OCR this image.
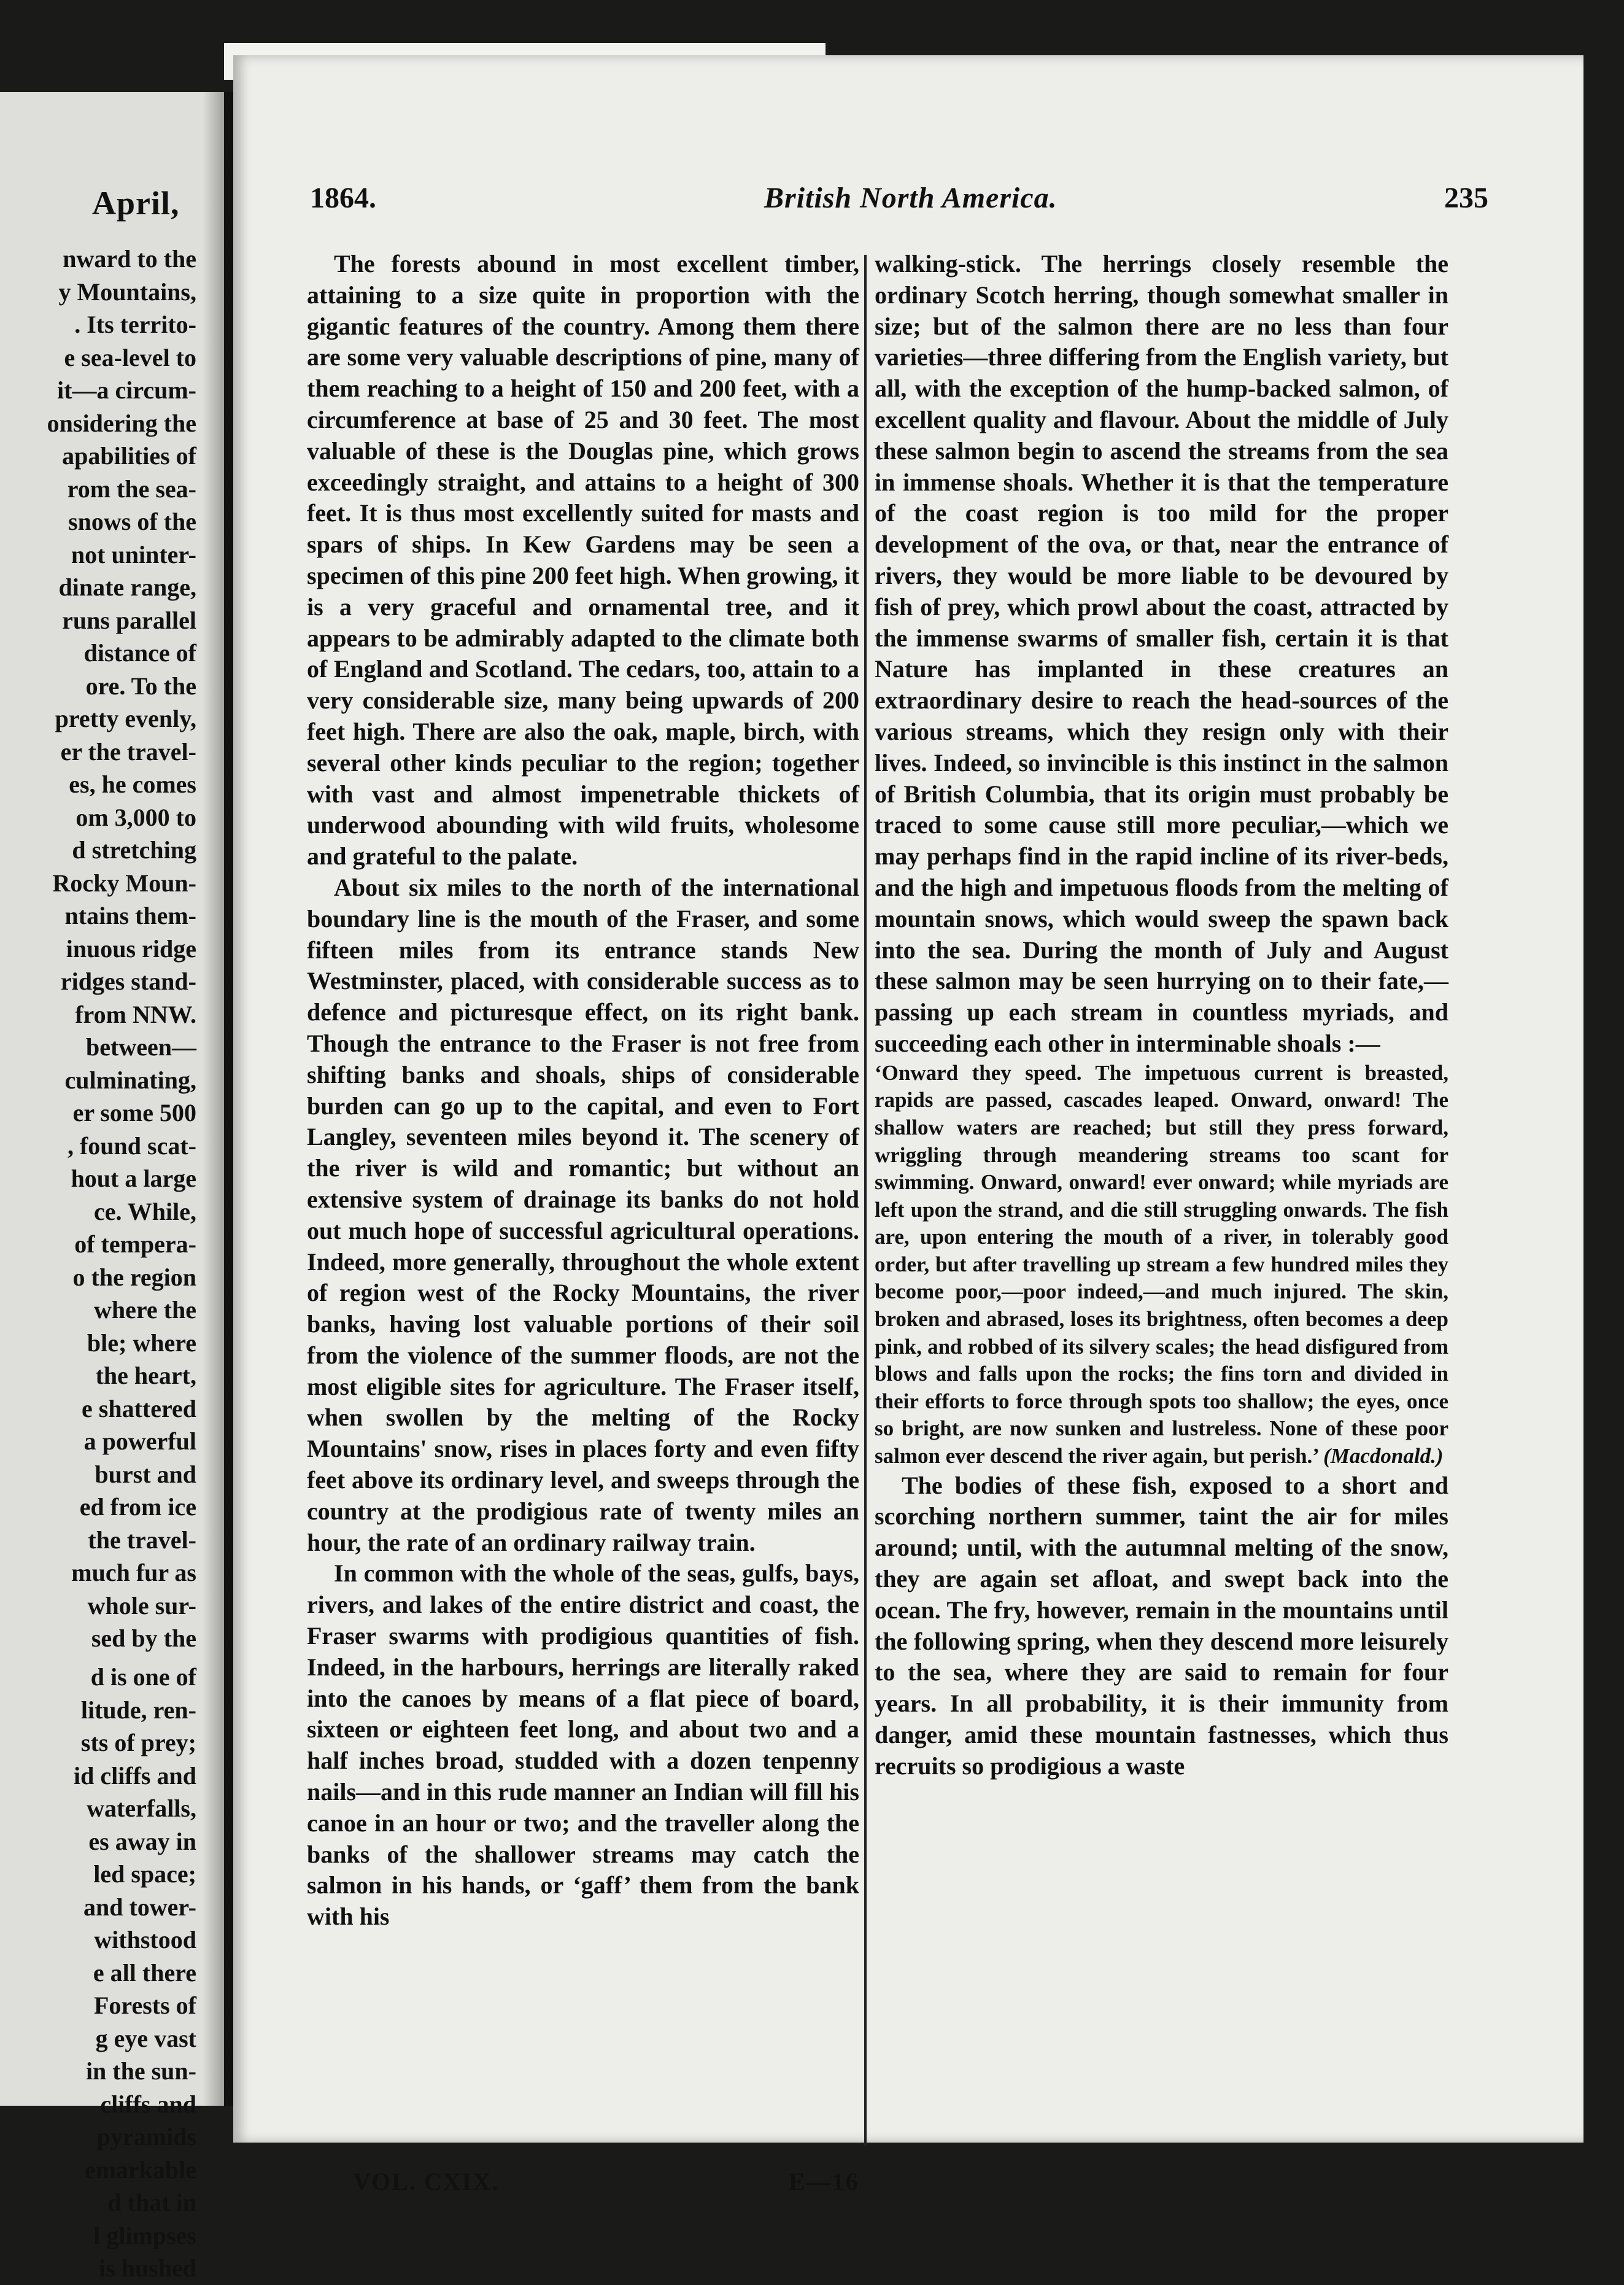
April,
nward to the
y Mountains,
. Its territo-
e sea-level to
it—a circum-
onsidering the
apabilities of
rom the sea-
snows of the
not uninter-
dinate range,
runs parallel
distance of
ore. To the
pretty evenly,
er the travel-
es, he comes
om 3,000 to
d stretching
Rocky Moun-
ntains them-
inuous ridge
ridges stand-
from NNW.
between—
culminating,
er some 500
, found scat-
hout a large
ce. While,
of tempera-
o the region
where the
ble; where
the heart,
e shattered
a powerful
burst and
ed from ice
the travel-
much fur as
whole sur-
sed by the
d is one of
litude, ren-
sts of prey;
id cliffs and
waterfalls,
es away in
led space;
and tower-
withstood
e all there
Forests of
g eye vast
in the sun-
cliffs and
pyramids
emarkable
d that in
l glimpses
is hushed
1864.	British North America.	235

The forests abound in most excellent timber, attaining to a size quite in proportion with the gigantic features of the country. Among them there are some very valuable descriptions of pine, many of them reaching to a height of 150 and 200 feet, with a circumference at base of 25 and 30 feet. The most valuable of these is the Douglas pine, which grows exceedingly straight, and attains to a height of 300 feet. It is thus most excellently suited for masts and spars of ships. In Kew Gardens may be seen a specimen of this pine 200 feet high. When growing, it is a very graceful and ornamental tree, and it appears to be admirably adapted to the climate both of England and Scotland. The cedars, too, attain to a very considerable size, many being upwards of 200 feet high. There are also the oak, maple, birch, with several other kinds peculiar to the region; together with vast and almost impenetrable thickets of underwood abounding with wild fruits, wholesome and grateful to the palate.

About six miles to the north of the international boundary line is the mouth of the Fraser, and some fifteen miles from its entrance stands New Westminster, placed, with considerable success as to defence and picturesque effect, on its right bank. Though the entrance to the Fraser is not free from shifting banks and shoals, ships of considerable burden can go up to the capital, and even to Fort Langley, seventeen miles beyond it. The scenery of the river is wild and romantic; but without an extensive system of drainage its banks do not hold out much hope of successful agricultural operations. Indeed, more generally, throughout the whole extent of region west of the Rocky Mountains, the river banks, having lost valuable portions of their soil from the violence of the summer floods, are not the most eligible sites for agriculture. The Fraser itself, when swollen by the melting of the Rocky Mountains' snow, rises in places forty and even fifty feet above its ordinary level, and sweeps through the country at the prodigious rate of twenty miles an hour, the rate of an ordinary railway train.

In common with the whole of the seas, gulfs, bays, rivers, and lakes of the entire district and coast, the Fraser swarms with prodigious quantities of fish. Indeed, in the harbours, herrings are literally raked into the canoes by means of a flat piece of board, sixteen or eighteen feet long, and about two and a half inches broad, studded with a dozen tenpenny nails—and in this rude manner an Indian will fill his canoe in an hour or two; and the traveller along the banks of the shallower streams may catch the salmon in his hands, or ‘gaff’ them from the bank with his

walking-stick. The herrings closely resemble the ordinary Scotch herring, though somewhat smaller in size; but of the salmon there are no less than four varieties—three differing from the English variety, but all, with the exception of the hump-backed salmon, of excellent quality and flavour. About the middle of July these salmon begin to ascend the streams from the sea in immense shoals. Whether it is that the temperature of the coast region is too mild for the proper development of the ova, or that, near the entrance of rivers, they would be more liable to be devoured by fish of prey, which prowl about the coast, attracted by the immense swarms of smaller fish, certain it is that Nature has implanted in these creatures an extraordinary desire to reach the head-sources of the various streams, which they resign only with their lives. Indeed, so invincible is this instinct in the salmon of British Columbia, that its origin must probably be traced to some cause still more peculiar,—which we may perhaps find in the rapid incline of its river-beds, and the high and impetuous floods from the melting of mountain snows, which would sweep the spawn back into the sea. During the month of July and August these salmon may be seen hurrying on to their fate,—passing up each stream in countless myriads, and succeeding each other in interminable shoals :—

‘Onward they speed. The impetuous current is breasted, rapids are passed, cascades leaped. Onward, onward! The shallow waters are reached; but still they press forward, wriggling through meandering streams too scant for swimming. Onward, onward! ever onward; while myriads are left upon the strand, and die still struggling onwards. The fish are, upon entering the mouth of a river, in tolerably good order, but after travelling up stream a few hundred miles they become poor,—poor indeed,—and much injured. The skin, broken and abrased, loses its brightness, often becomes a deep pink, and robbed of its silvery scales; the head disfigured from blows and falls upon the rocks; the fins torn and divided in their efforts to force through spots too shallow; the eyes, once so bright, are now sunken and lustreless. None of these poor salmon ever descend the river again, but perish.’ (Macdonald.)

The bodies of these fish, exposed to a short and scorching northern summer, taint the air for miles around; until, with the autumnal melting of the snow, they are again set afloat, and swept back into the ocean. The fry, however, remain in the mountains until the following spring, when they descend more leisurely to the sea, where they are said to remain for four years. In all probability, it is their immunity from danger, amid these mountain fastnesses, which thus recruits so prodigious a waste

VOL. CXIX.	E—16
